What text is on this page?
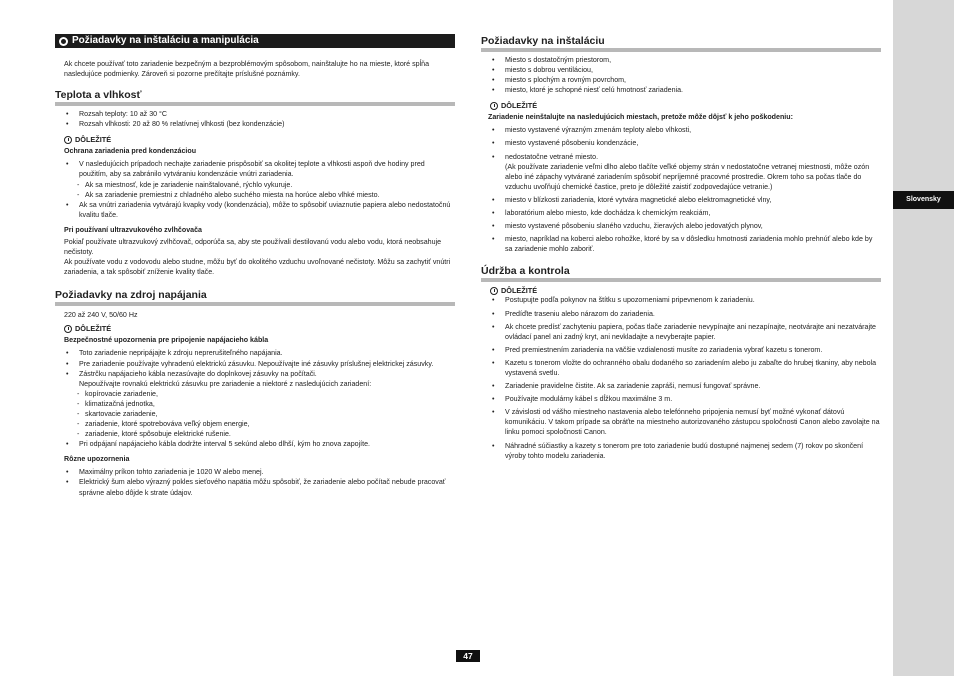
Požiadavky na inštaláciu a manipulácia

Ak chcete používať toto zariadenie bezpečným a bezproblémovým spôsobom, nainštalujte ho na mieste, ktoré spĺňa nasledujúce podmienky. Zároveň si pozorne prečítajte príslušné poznámky.

Teplota a vlhkosť
• Rozsah teploty: 10 až 30 °C
• Rozsah vlhkosti: 20 až 80 % relatívnej vlhkosti (bez kondenzácie)
DÔLEŽITÉ
Ochrana zariadenia pred kondenzáciou
• V nasledujúcich prípadoch nechajte zariadenie prispôsobiť sa okolitej teplote a vlhkosti aspoň dve hodiny pred použitím, aby sa zabránilo vytváraniu kondenzácie vnútri zariadenia.
- Ak sa miestnosť, kde je zariadenie nainštalované, rýchlo vykuruje.
- Ak sa zariadenie premiestni z chladného alebo suchého miesta na horúce alebo vlhké miesto.
• Ak sa vnútri zariadenia vytvárajú kvapky vody (kondenzácia), môže to spôsobiť uviaznutie papiera alebo nedostatočnú kvalitu tlače.
Pri používaní ultrazvukového zvlhčovača

Pokiaľ používate ultrazvukový zvlhčovač, odporúča sa, aby ste používali destilovanú vodu alebo vodu, ktorá neobsahuje nečistoty.

Ak používate vodu z vodovodu alebo studne, môžu byť do okolitého vzduchu uvoľnované nečistoty. Môžu sa zachytiť vnútri zariadenia, a tak spôsobiť zníženie kvality tlače.

Požiadavky na zdroj napájania

220 až 240 V, 50/60 Hz

DÔLEŽITÉ
Bezpečnostné upozornenia pre pripojenie napájacieho kábla
• Toto zariadenie nepripájajte k zdroju neprerušiteľného napájania.
• Pre zariadenie používajte vyhradenú elektrickú zásuvku. Nepoužívajte iné zásuvky príslušnej elektrickej zásuvky.
• Zástrčku napájacieho kábla nezasúvajte do doplnkovej zásuvky na počítači.
Nepoužívajte rovnakú elektrickú zásuvku pre zariadenie a niektoré z nasledujúcich zariadení:
- kopírovacie zariadenie,
- klimatizačná jednotka,
- skartovacie zariadenie,
- zariadenie, ktoré spotrebováva veľký objem energie,
- zariadenie, ktoré spôsobuje elektrické rušenie.
• Pri odpájaní napájacieho kábla dodržte interval 5 sekúnd alebo dlhší, kým ho znova zapojíte.
Rôzne upozornenia
• Maximálny príkon tohto zariadenia je 1020 W alebo menej.
• Elektrický šum alebo výrazný pokles sieťového napätia môžu spôsobiť, že zariadenie alebo počítač nebude pracovať správne alebo dôjde k strate údajov.
Požiadavky na inštaláciu
• Miesto s dostatočným priestorom,
• miesto s dobrou ventiláciou,
• miesto s plochým a rovným povrchom,
• miesto, ktoré je schopné niesť celú hmotnosť zariadenia.
DÔLEŽITÉ
Zariadenie neinštalujte na nasledujúcich miestach, pretože môže dôjsť k jeho poškodeniu:
• miesto vystavené výrazným zmenám teploty alebo vlhkosti,
• miesto vystavené pôsobeniu kondenzácie,
• nedostatočne vetrané miesto.
(Ak používate zariadenie veľmi dlho alebo tlačíte veľké objemy strán v nedostatočne vetranej miestnosti, môže ozón alebo iné zápachy vytvárané zariadením spôsobiť nepríjemné pracovné prostredie. Okrem toho sa počas tlače do vzduchu uvoľňujú chemické častice, preto je dôležité zaistiť zodpovedajúce vetranie.)
• miesto v blízkosti zariadenia, ktoré vytvára magnetické alebo elektromagnetické vlny,
• laboratórium alebo miesto, kde dochádza k chemickým reakciám,
• miesto vystavené pôsobeniu slaného vzduchu, žieravých alebo jedovatých plynov,
• miesto, napríklad na koberci alebo rohožke, ktoré by sa v dôsledku hmotnosti zariadenia mohlo prehnúť alebo kde by sa zariadenie mohlo zaboriť.
Údržba a kontrola
DÔLEŽITÉ
• Postupujte podľa pokynov na štítku s upozorneniami pripevnenom k zariadeniu.
• Predíďte traseniu alebo nárazom do zariadenia.
• Ak chcete predísť zachyteniu papiera, počas tlače zariadenie nevypínajte ani nezapínajte, neotvárajte ani nezatvárajte ovládací panel ani zadný kryt, ani nevkladajte a nevyberajte papier.
• Pred premiestnením zariadenia na väčšie vzdialenosti musíte zo zariadenia vybrať kazetu s tonerom.
• Kazetu s tonerom vložte do ochranného obalu dodaného so zariadením alebo ju zabaľte do hrubej tkaniny, aby nebola vystavená svetlu.
• Zariadenie pravidelne čistite. Ak sa zariadenie zapráši, nemusí fungovať správne.
• Používajte modulárny kábel s dĺžkou maximálne 3 m.
• V závislosti od vášho miestneho nastavenia alebo telefónneho pripojenia nemusí byť možné vykonať dátovú komunikáciu. V takom prípade sa obráťte na miestneho autorizovaného zástupcu spoločnosti Canon alebo zavolajte na linku pomoci spoločnosti Canon.
• Náhradné súčiastky a kazety s tonerom pre toto zariadenie budú dostupné najmenej sedem (7) rokov po skončení výroby tohto modelu zariadenia.
Slovensky
47
